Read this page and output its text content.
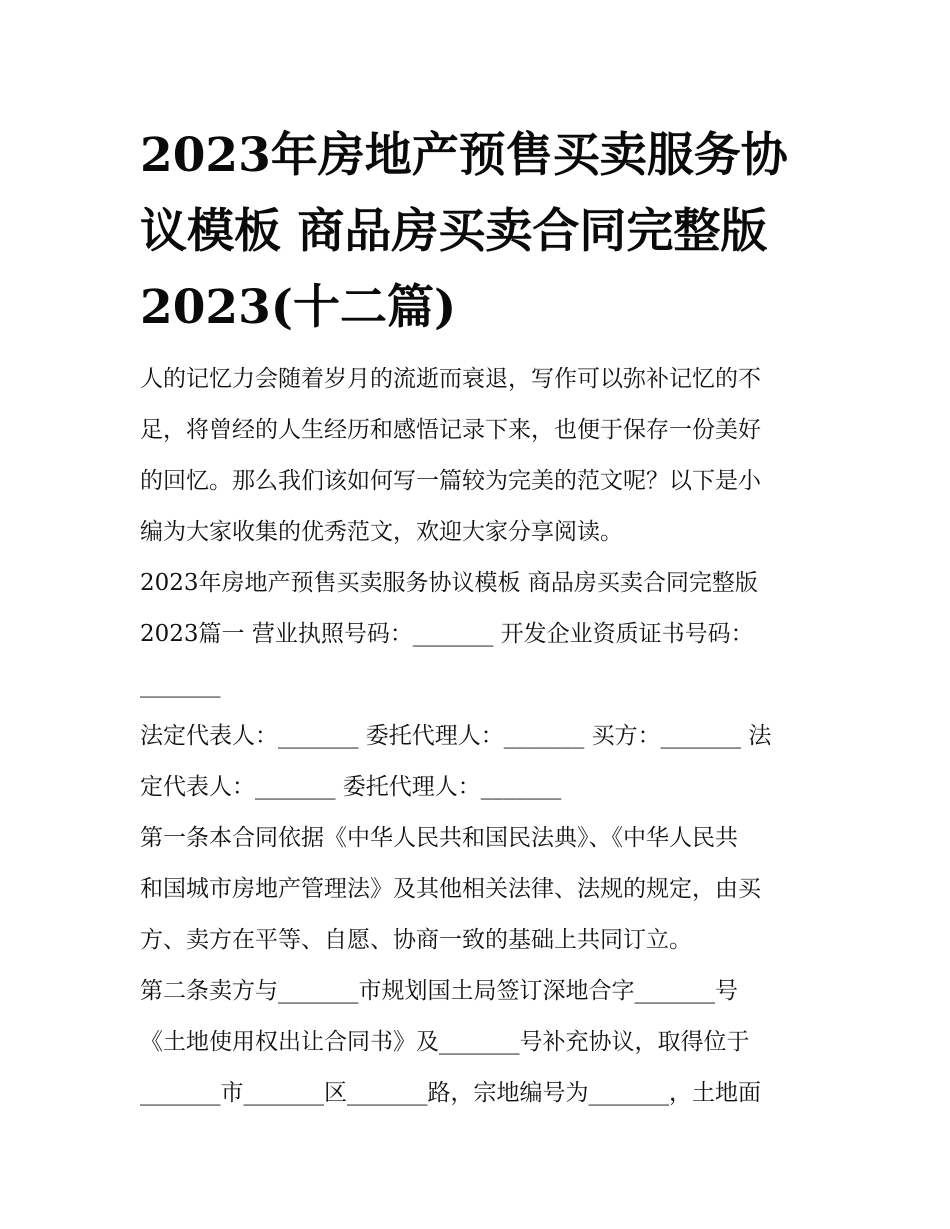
2023年房地产预售买卖服务协
议模板 商品房买卖合同完整版
2023(十二篇)
人的记忆力会随着岁月的流逝而衰退，写作可以弥补记忆的不
足，将曾经的人生经历和感悟记录下来，也便于保存一份美好
的回忆。那么我们该如何写一篇较为完美的范文呢？以下是小
编为大家收集的优秀范文，欢迎大家分享阅读。
2023年房地产预售买卖服务协议模板 商品房买卖合同完整版
2023篇一 营业执照号码：_______ 开发企业资质证书号码：
_______
法定代表人：_______ 委托代理人：_______ 买方：_______ 法
定代表人：_______ 委托代理人：_______
第一条本合同依据《中华人民共和国民法典》、《中华人民共
和国城市房地产管理法》及其他相关法律、法规的规定，由买
方、卖方在平等、自愿、协商一致的基础上共同订立。
第二条卖方与_______市规划国土局签订深地合字_______号
《土地使用权出让合同书》及_______号补充协议，取得位于
_______市_______区_______路，宗地编号为_______，土地面
